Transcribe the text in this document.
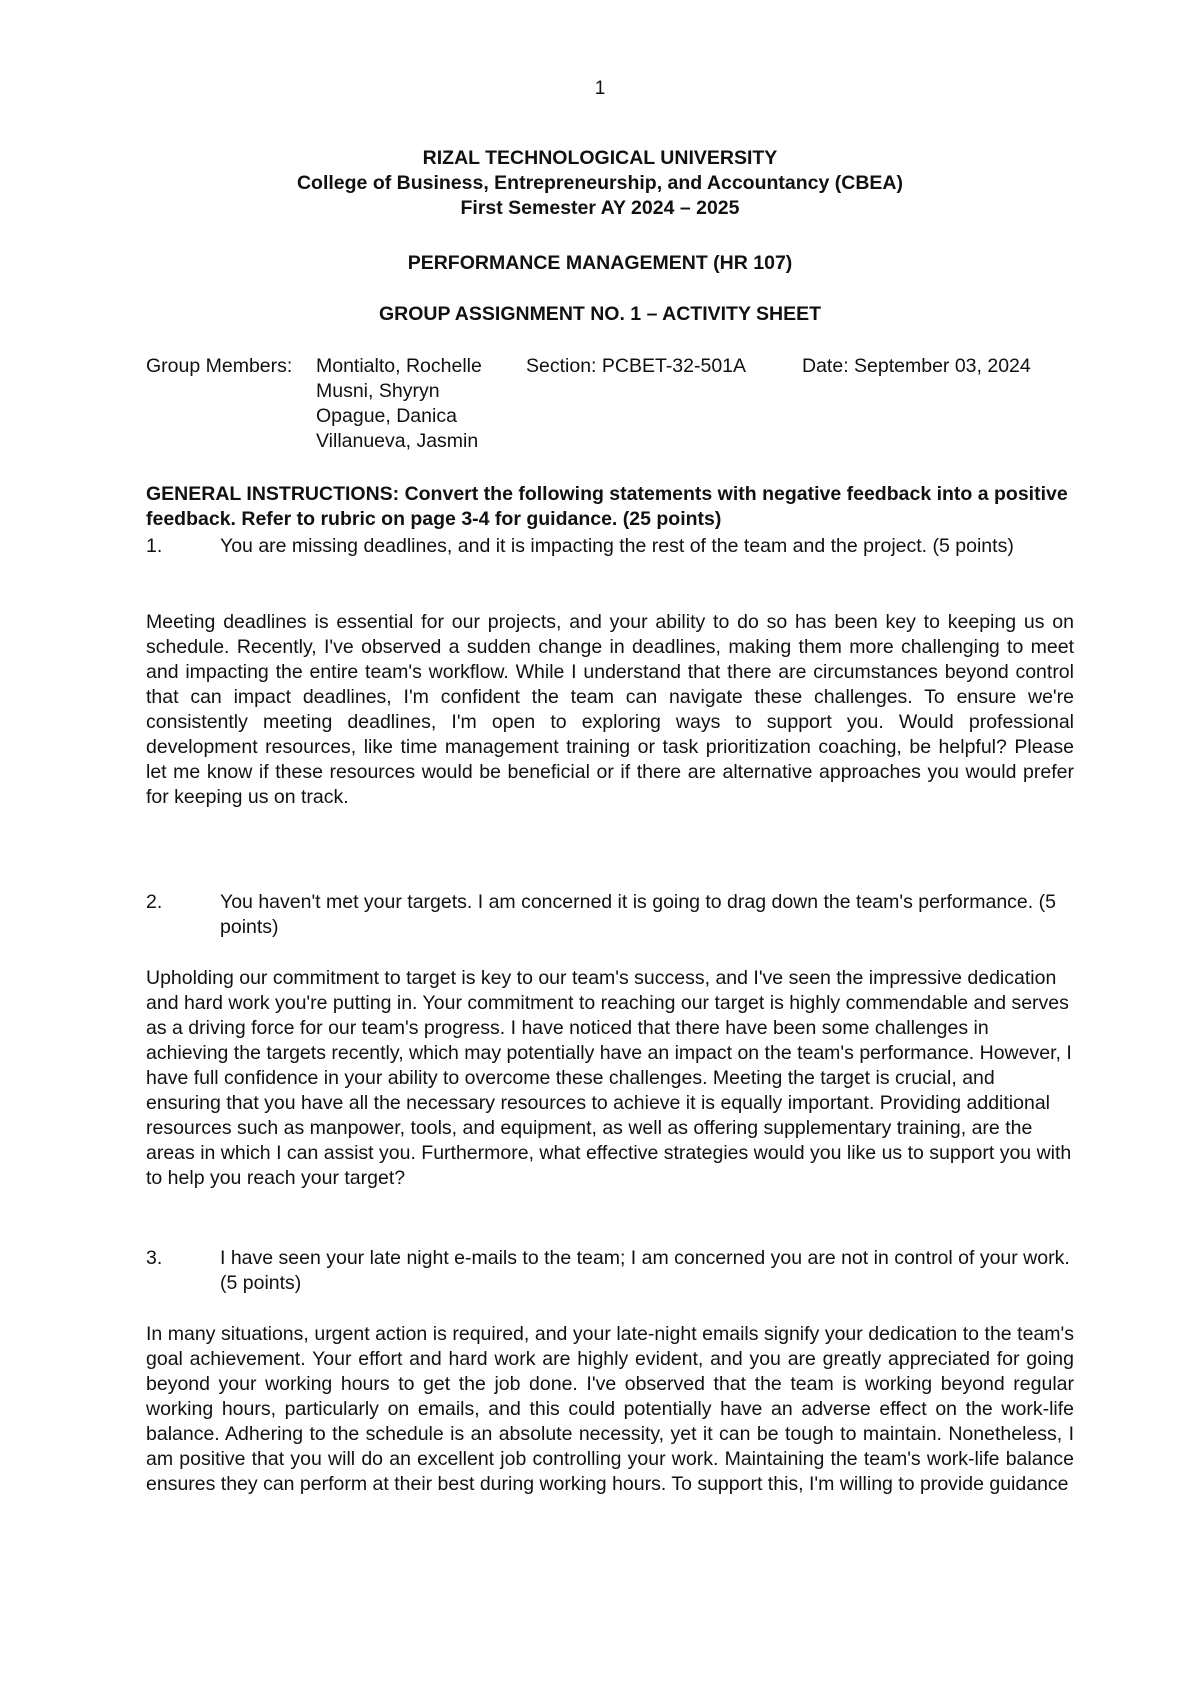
1
RIZAL TECHNOLOGICAL UNIVERSITY
College of Business, Entrepreneurship, and Accountancy (CBEA)
First Semester AY 2024 – 2025
PERFORMANCE MANAGEMENT (HR 107)
GROUP ASSIGNMENT NO. 1 – ACTIVITY SHEET
Group Members: Montialto, Rochelle
Musni, Shyryn
Opague, Danica
Villanueva, Jasmin
Section: PCBET-32-501A	Date: September 03, 2024
GENERAL INSTRUCTIONS: Convert the following statements with negative feedback into a positive feedback. Refer to rubric on page 3-4 for guidance. (25 points)
1.	You are missing deadlines, and it is impacting the rest of the team and the project. (5 points)
Meeting deadlines is essential for our projects, and your ability to do so has been key to keeping us on schedule. Recently, I've observed a sudden change in deadlines, making them more challenging to meet and impacting the entire team's workflow. While I understand that there are circumstances beyond control that can impact deadlines, I'm confident the team can navigate these challenges. To ensure we're consistently meeting deadlines, I'm open to exploring ways to support you. Would professional development resources, like time management training or task prioritization coaching, be helpful? Please let me know if these resources would be beneficial or if there are alternative approaches you would prefer for keeping us on track.
2.	You haven't met your targets. I am concerned it is going to drag down the team's performance. (5 points)
Upholding our commitment to target is key to our team's success, and I've seen the impressive dedication and hard work you're putting in. Your commitment to reaching our target is highly commendable and serves as a driving force for our team's progress. I have noticed that there have been some challenges in achieving the targets recently, which may potentially have an impact on the team's performance. However, I have full confidence in your ability to overcome these challenges. Meeting the target is crucial, and ensuring that you have all the necessary resources to achieve it is equally important. Providing additional resources such as manpower, tools, and equipment, as well as offering supplementary training, are the areas in which I can assist you. Furthermore, what effective strategies would you like us to support you with to help you reach your target?
3.	I have seen your late night e-mails to the team; I am concerned you are not in control of your work. (5 points)
In many situations, urgent action is required, and your late-night emails signify your dedication to the team's goal achievement. Your effort and hard work are highly evident, and you are greatly appreciated for going beyond your working hours to get the job done. I've observed that the team is working beyond regular working hours, particularly on emails, and this could potentially have an adverse effect on the work-life balance. Adhering to the schedule is an absolute necessity, yet it can be tough to maintain. Nonetheless, I am positive that you will do an excellent job controlling your work. Maintaining the team's work-life balance ensures they can perform at their best during working hours. To support this, I'm willing to provide guidance
